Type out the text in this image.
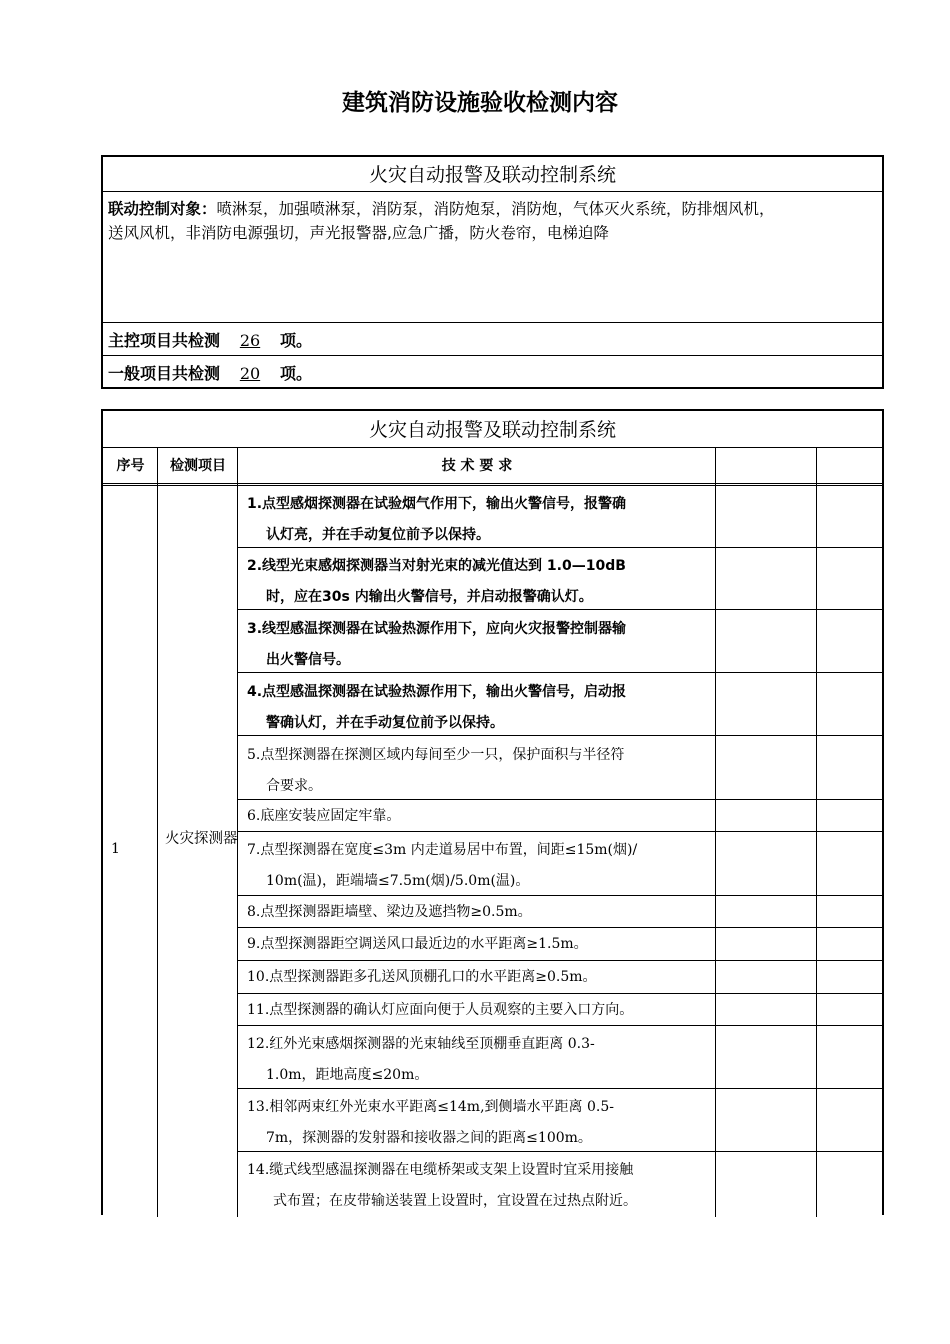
建筑消防设施验收检测内容
火灾自动报警及联动控制系统
联动控制对象：喷淋泵，加强喷淋泵，消防泵，消防炮泵，消防炮，气体灭火系统，防排烟风机，
送风风机，非消防电源强切，声光报警器,应急广播，防火卷帘，电梯迫降
主控项目共检测 26 项。
一般项目共检测 20 项。
火灾自动报警及联动控制系统
序号	检测项目	技 术 要 求
1
火灾探测器
1.点型感烟探测器在试验烟气作用下，输出火警信号，报警确
认灯亮，并在手动复位前予以保持。
2.线型光束感烟探测器当对射光束的减光值达到 1.0—10dB
时，应在30s 内输出火警信号，并启动报警确认灯。
3.线型感温探测器在试验热源作用下，应向火灾报警控制器输
出火警信号。
4.点型感温探测器在试验热源作用下，输出火警信号，启动报
警确认灯，并在手动复位前予以保持。
5.点型探测器在探测区域内每间至少一只，保护面积与半径符
合要求。
6.底座安装应固定牢靠。
7.点型探测器在宽度≤3m 内走道易居中布置，间距≤15m(烟)/
10m(温)，距端墙≤7.5m(烟)/5.0m(温)。
8.点型探测器距墙壁、梁边及遮挡物≥0.5m。
9.点型探测器距空调送风口最近边的水平距离≥1.5m。
10.点型探测器距多孔送风顶棚孔口的水平距离≥0.5m。
11.点型探测器的确认灯应面向便于人员观察的主要入口方向。
12.红外光束感烟探测器的光束轴线至顶棚垂直距离 0.3-
1.0m，距地高度≤20m。
13.相邻两束红外光束水平距离≤14m,到侧墙水平距离 0.5-
7m，探测器的发射器和接收器之间的距离≤100m。
14.缆式线型感温探测器在电缆桥架或支架上设置时宜采用接触
式布置；在皮带输送装置上设置时，宜设置在过热点附近。
